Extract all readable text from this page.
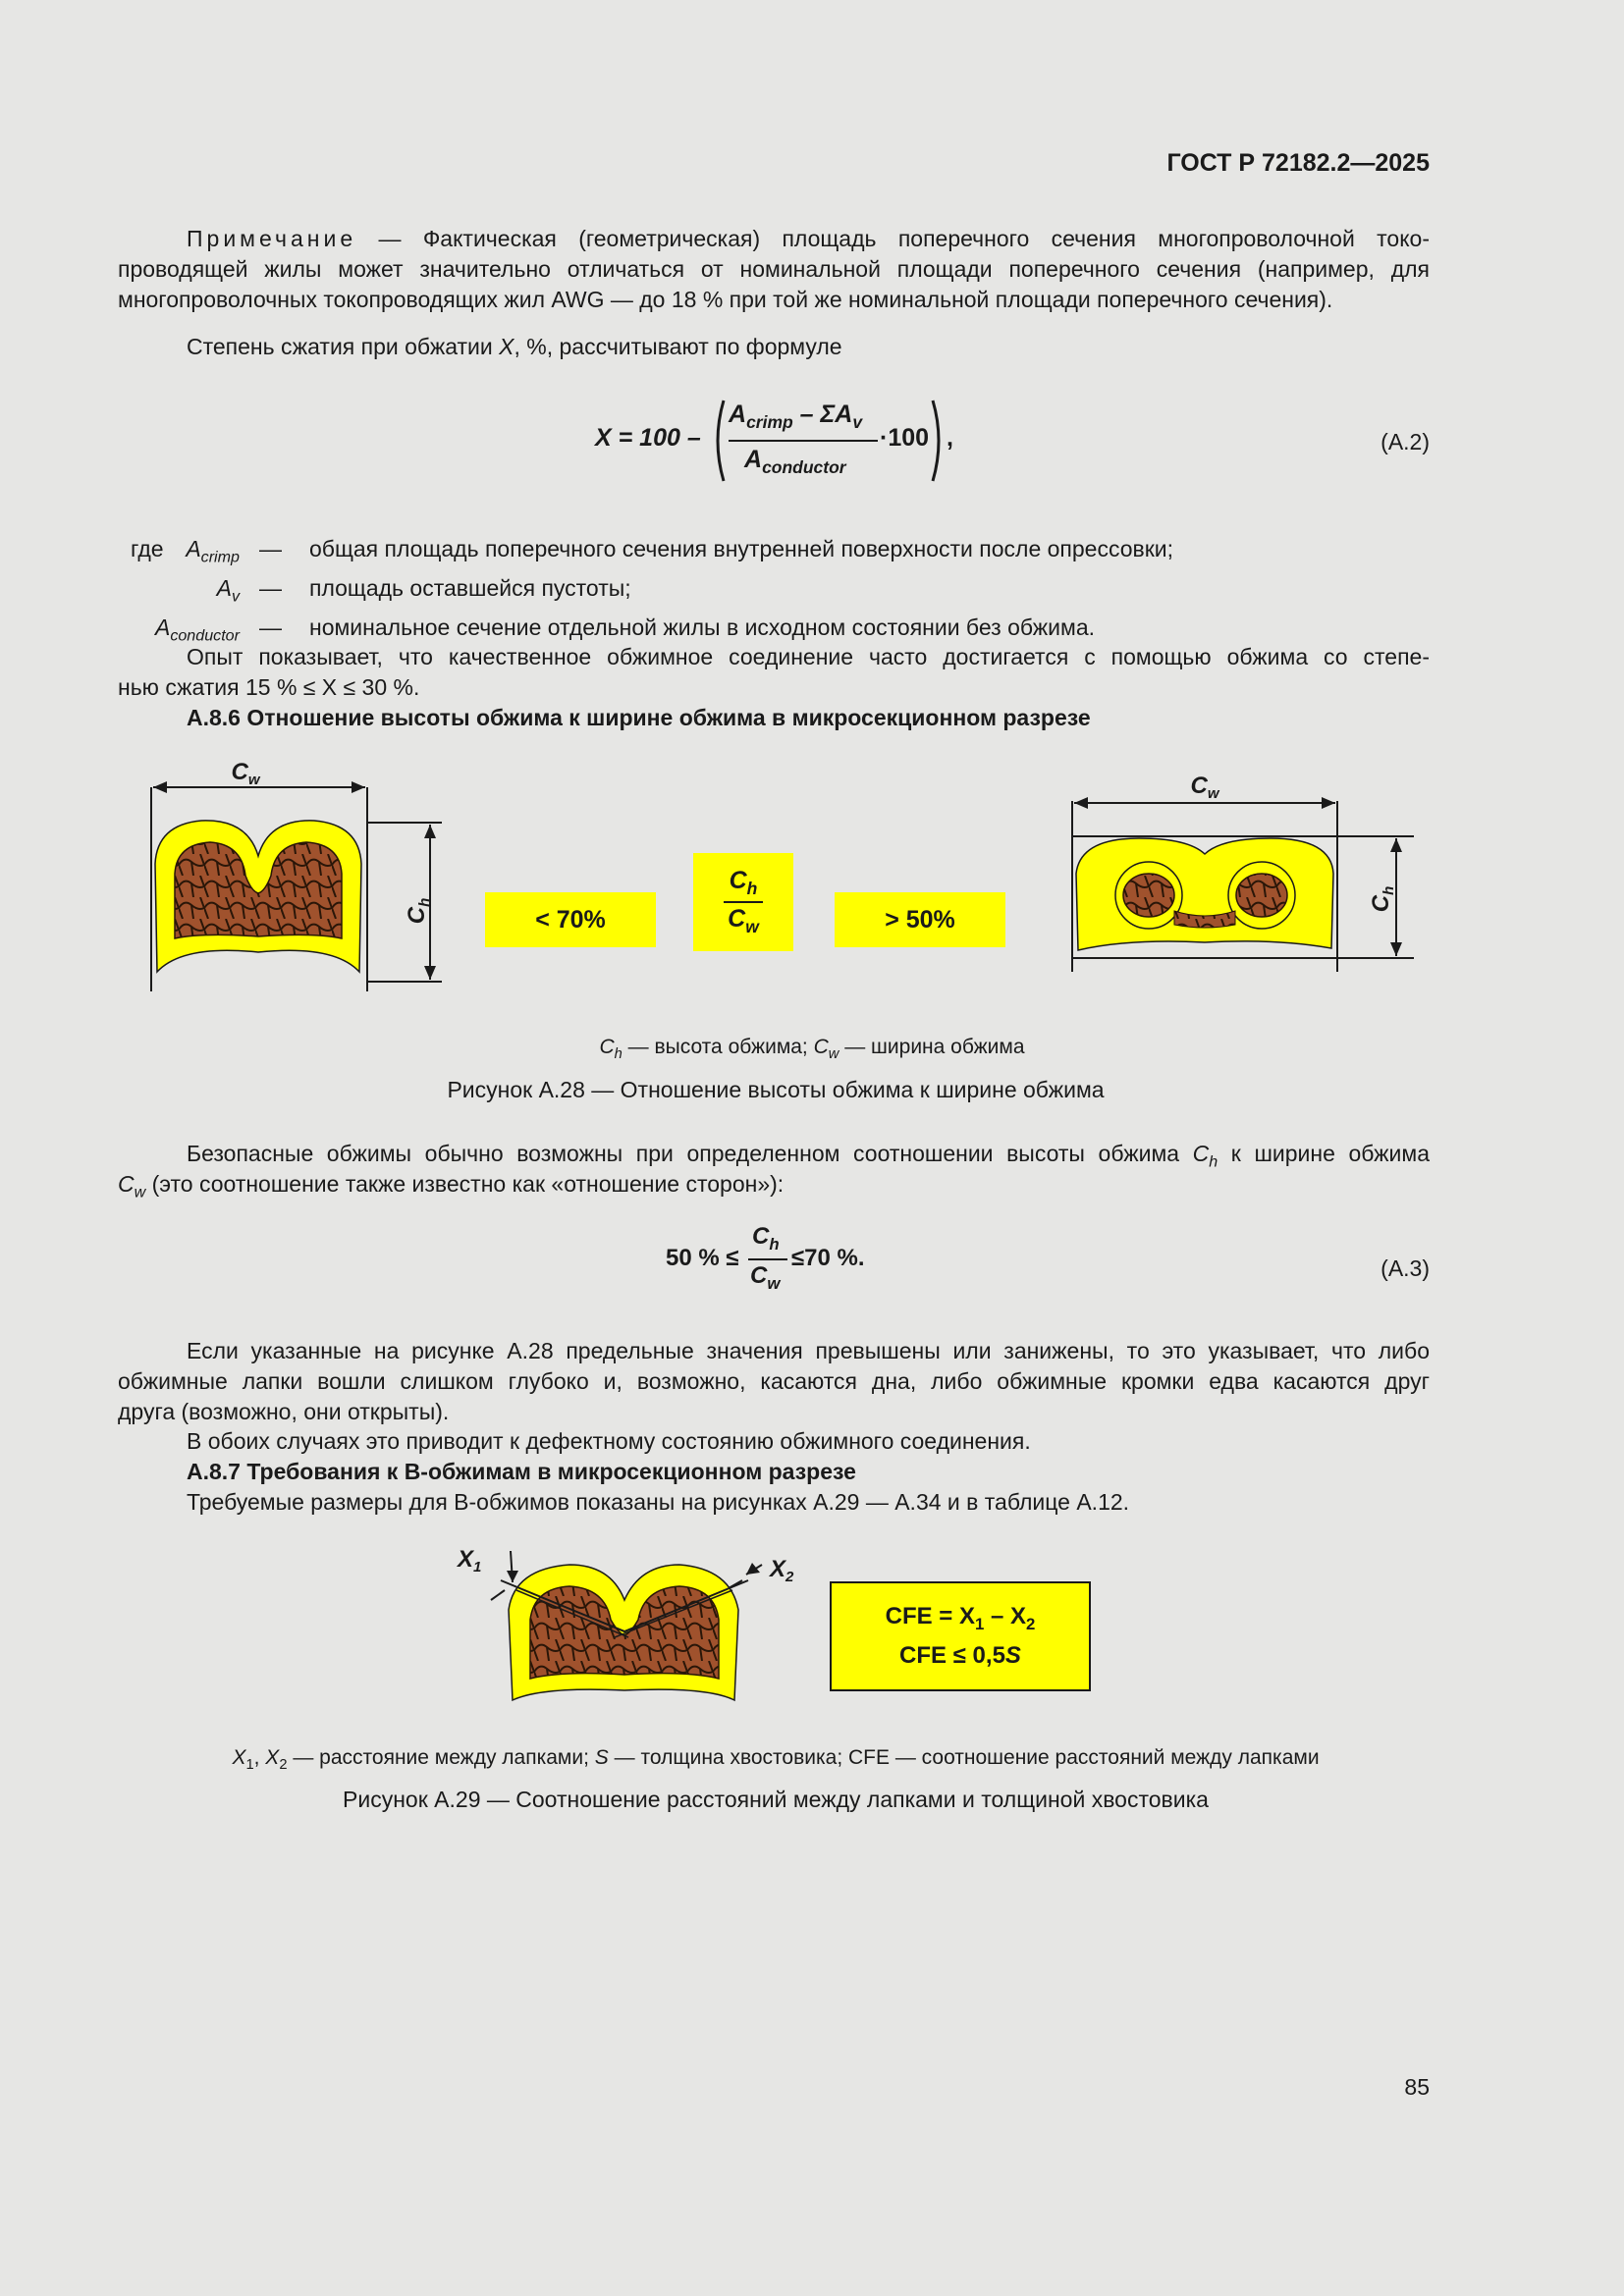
ГОСТ Р 72182.2—2025
Примечание — Фактическая (геометрическая) площадь поперечного сечения многопроволочной токо-
проводящей жилы может значительно отличаться от номинальной площади поперечного сечения (например, для
многопроволочных токопроводящих жил AWG — до 18 % при той же номинальной площади поперечного сечения).
Степень сжатия при обжатии X, %, рассчитывают по формуле
X = 100 –
$A_{crimp} - \Sigma A_v$
$A_{conductor}$
·100 ,	(A.2)
где $A_{crimp}$ — общая площадь поперечного сечения внутренней поверхности после опрессовки;
$A_v$ — площадь оставшейся пустоты;
$A_{conductor}$ — номинальное сечение отдельной жилы в исходном состоянии без обжима.
Опыт показывает, что качественное обжимное соединение часто достигается с помощью обжима со степе-
нью сжатия 15 % ≤ X ≤ 30 %.
А.8.6 Отношение высоты обжима к ширине обжима в микросекционном разрезе
$C_w$
$C_h$
$C_w$
$C_h$
< 70%
$C_h$
$C_w$	> 50%
$C_h$ — высота обжима; $C_w$ — ширина обжима
Рисунок А.28 — Отношение высоты обжима к ширине обжима
Безопасные обжимы обычно возможны при определенном соотношении высоты обжима $C_h$ к ширине обжима
$C_w$ (это соотношение также известно как «отношение сторон»):
50 % ≤
$C_h$
$C_w$
≤70 %.	(A.3)
Если указанные на рисунке А.28 предельные значения превышены или занижены, то это указывает, что либо
обжимные лапки вошли слишком глубоко и, возможно, касаются дна, либо обжимные кромки едва касаются друг
друга (возможно, они открыты).
В обоих случаях это приводит к дефектному состоянию обжимного соединения.
А.8.7 Требования к В-обжимам в микросекционном разрезе
Требуемые размеры для В-обжимов показаны на рисунках А.29 — А.34 и в таблице А.12.
$X_1$	$X_2$
CFE = $X_1 - X_2$
CFE ≤ 0,5S
$X_1$, $X_2$ — расстояние между лапками; S — толщина хвостовика; CFE — соотношение расстояний между лапками
Рисунок А.29 — Соотношение расстояний между лапками и толщиной хвостовика
85
